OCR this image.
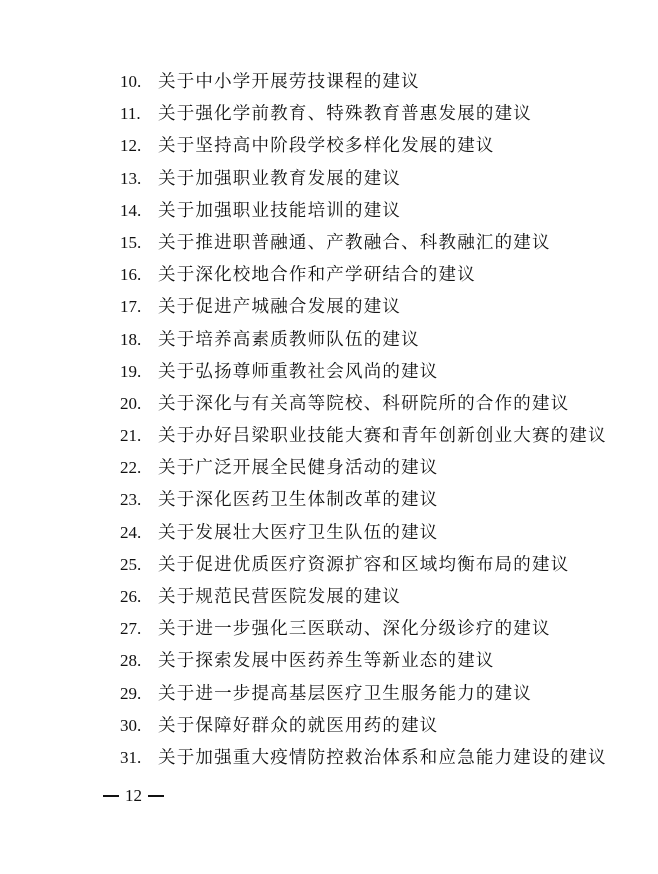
10. 关于中小学开展劳技课程的建议
11. 关于强化学前教育、特殊教育普惠发展的建议
12. 关于坚持高中阶段学校多样化发展的建议
13. 关于加强职业教育发展的建议
14. 关于加强职业技能培训的建议
15. 关于推进职普融通、产教融合、科教融汇的建议
16. 关于深化校地合作和产学研结合的建议
17. 关于促进产城融合发展的建议
18. 关于培养高素质教师队伍的建议
19. 关于弘扬尊师重教社会风尚的建议
20. 关于深化与有关高等院校、科研院所的合作的建议
21. 关于办好吕梁职业技能大赛和青年创新创业大赛的建议
22. 关于广泛开展全民健身活动的建议
23. 关于深化医药卫生体制改革的建议
24. 关于发展壮大医疗卫生队伍的建议
25. 关于促进优质医疗资源扩容和区域均衡布局的建议
26. 关于规范民营医院发展的建议
27. 关于进一步强化三医联动、深化分级诊疗的建议
28. 关于探索发展中医药养生等新业态的建议
29. 关于进一步提高基层医疗卫生服务能力的建议
30. 关于保障好群众的就医用药的建议
31. 关于加强重大疫情防控救治体系和应急能力建设的建议
12
